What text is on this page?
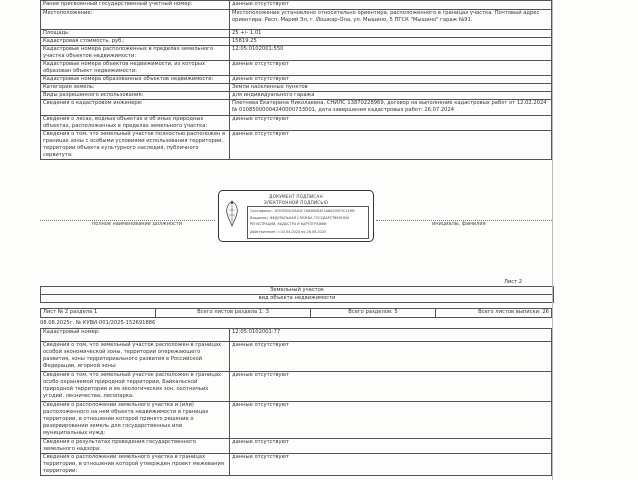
Ранее присвоенный государственный учетный номер:	данные отсутствуют
Местоположение:	Местоположение установлено относительно ориентира, расположенного в границах участка. Почтовый адрес ориентира: Респ. Марий Эл, г. Йошкар-Ола, ул. Мышино, 5 ПГСК "Мышино" гараж №91.
Площадь:	25 +/- 1.01
Кадастровая стоимость, руб.:	15819.25
Кадастровые номера расположенных в пределах земельного участка объектов недвижимости:	12:05:0102001:550
Кадастровые номера объектов недвижимости, из которых образован объект недвижимости:	данные отсутствуют
Кадастровые номера образованных объектов недвижимости:	данные отсутствуют
Категория земель:	Земли населенных пунктов
Виды разрешенного использования:	для индивидуального гаража
Сведения о кадастровом инженере:	Плетнева Екатерина Николаевна, СНИЛС 13870228969, договор на выполнение кадастровых работ от 12.02.2024 № 01085000004240000733001, дата завершения кадастровых работ: 26.07.2024
Сведения о лесах, водных объектах и об иных природных объектах, расположенных в пределах земельного участка:	данные отсутствуют
Сведения о том, что земельный участок полностью расположен в границах зоны с особыми условиями использования территории, территории объекта культурного наследия, публичного сервитута:	данные отсутствуют
полное наименование должности	инициалы, фамилия
ДОКУМЕНТ ПОДПИСАН
ЭЛЕКТРОННОЙ ПОДПИСЬЮ
Сертификат: 1ED7EB3C9A63C76A5B8D4F1A6A2D5F0C1E9B
Владелец: ФЕДЕРАЛЬНАЯ СЛУЖБА ГОСУДАРСТВЕННОЙ
РЕГИСТРАЦИИ, КАДАСТРА И КАРТОГРАФИИ
Действителен: с 02.04.2024 по 26.06.2025
Лист 2
Земельный участок
вид объекта недвижимости
Лист № 2 раздела 1	Всего листов раздела 1: 3	Всего разделов: 5	Всего листов выписки: 26
08.08.2025г. № КУВИ-001/2025-152691886
Кадастровый номер:	12:05:0102001:77
Сведения о том, что земельный участок расположен в границах особой экономической зоны, территории опережающего развития, зоны территориального развития в Российской Федерации, игорной зоны:	данные отсутствуют
Сведения о том, что земельный участок расположен в границах особо охраняемой природной территории, Байкальской природной территории и ее экологических зон, охотничьих угодий, лесничества, лесопарка:	данные отсутствуют
Сведения о расположении земельного участка и (или) расположенного на нем объекта недвижимости в границах территории, в отношении которой принято решение о резервировании земель для государственных или муниципальных нужд:	данные отсутствуют
Сведения о результатах проведения государственного земельного надзора:	данные отсутствуют
Сведения о расположении земельного участка в границах территории, в отношении которой утвержден проект межевания территории:	данные отсутствуют
